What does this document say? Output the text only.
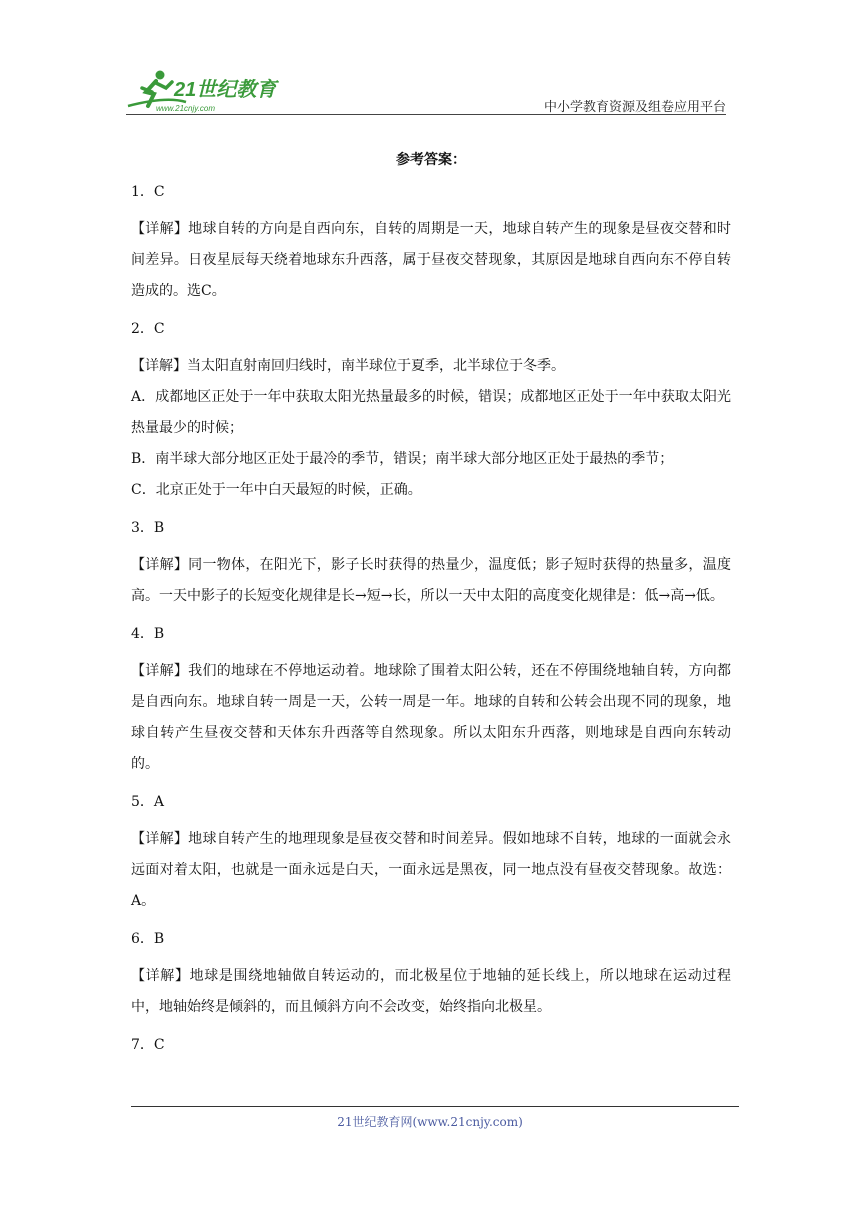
21世纪教育
www.21cnjy.com	中小学教育资源及组卷应用平台
参考答案：
1．C
【详解】地球自转的方向是自西向东，自转的周期是一天，地球自转产生的现象是昼夜交替和时间差异。日夜星辰每天绕着地球东升西落，属于昼夜交替现象，其原因是地球自西向东不停自转造成的。选C。
2．C
【详解】当太阳直射南回归线时，南半球位于夏季，北半球位于冬季。
A．成都地区正处于一年中获取太阳光热量最多的时候，错误；成都地区正处于一年中获取太阳光热量最少的时候；
B．南半球大部分地区正处于最冷的季节，错误；南半球大部分地区正处于最热的季节；
C．北京正处于一年中白天最短的时候，正确。
3．B
【详解】同一物体，在阳光下，影子长时获得的热量少，温度低；影子短时获得的热量多，温度高。一天中影子的长短变化规律是长→短→长，所以一天中太阳的高度变化规律是：低→高→低。
4．B
【详解】我们的地球在不停地运动着。地球除了围着太阳公转，还在不停围绕地轴自转，方向都是自西向东。地球自转一周是一天，公转一周是一年。地球的自转和公转会出现不同的现象，地球自转产生昼夜交替和天体东升西落等自然现象。所以太阳东升西落，则地球是自西向东转动的。
5．A
【详解】地球自转产生的地理现象是昼夜交替和时间差异。假如地球不自转，地球的一面就会永远面对着太阳，也就是一面永远是白天，一面永远是黑夜，同一地点没有昼夜交替现象。故选：A。
6．B
【详解】地球是围绕地轴做自转运动的，而北极星位于地轴的延长线上，所以地球在运动过程中，地轴始终是倾斜的，而且倾斜方向不会改变，始终指向北极星。
7．C
21世纪教育网(www.21cnjy.com)
